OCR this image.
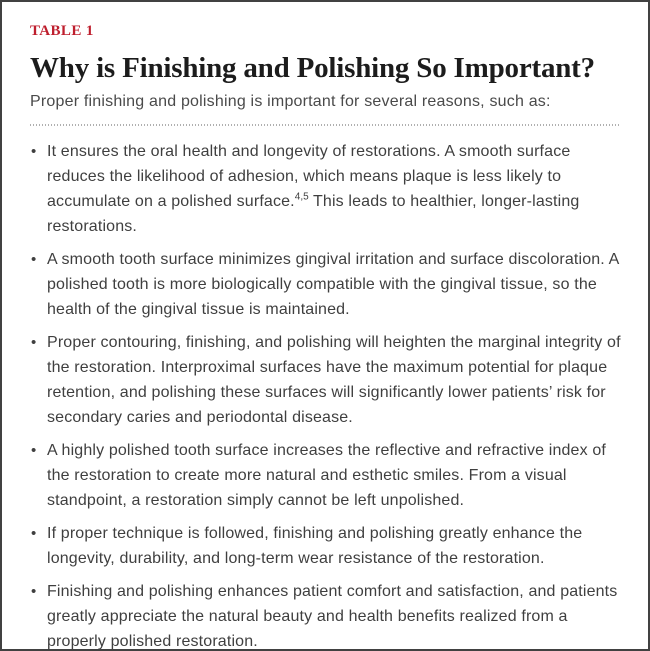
TABLE 1
Why is Finishing and Polishing So Important?
Proper finishing and polishing is important for several reasons, such as:
• It ensures the oral health and longevity of restorations. A smooth surface reduces the likelihood of adhesion, which means plaque is less likely to accumulate on a polished surface.$^{4,5}$ This leads to healthier, longer-lasting restorations.
• A smooth tooth surface minimizes gingival irritation and surface discoloration. A polished tooth is more biologically compatible with the gingival tissue, so the health of the gingival tissue is maintained.
• Proper contouring, finishing, and polishing will heighten the marginal integrity of the restoration. Interproximal surfaces have the maximum potential for plaque retention, and polishing these surfaces will significantly lower patients’ risk for secondary caries and periodontal disease.
• A highly polished tooth surface increases the reflective and refractive index of the restoration to create more natural and esthetic smiles. From a visual standpoint, a restoration simply cannot be left unpolished.
• If proper technique is followed, finishing and polishing greatly enhance the longevity, durability, and long-term wear resistance of the restoration.
• Finishing and polishing enhances patient comfort and satisfaction, and patients greatly appreciate the natural beauty and health benefits realized from a properly polished restoration.
